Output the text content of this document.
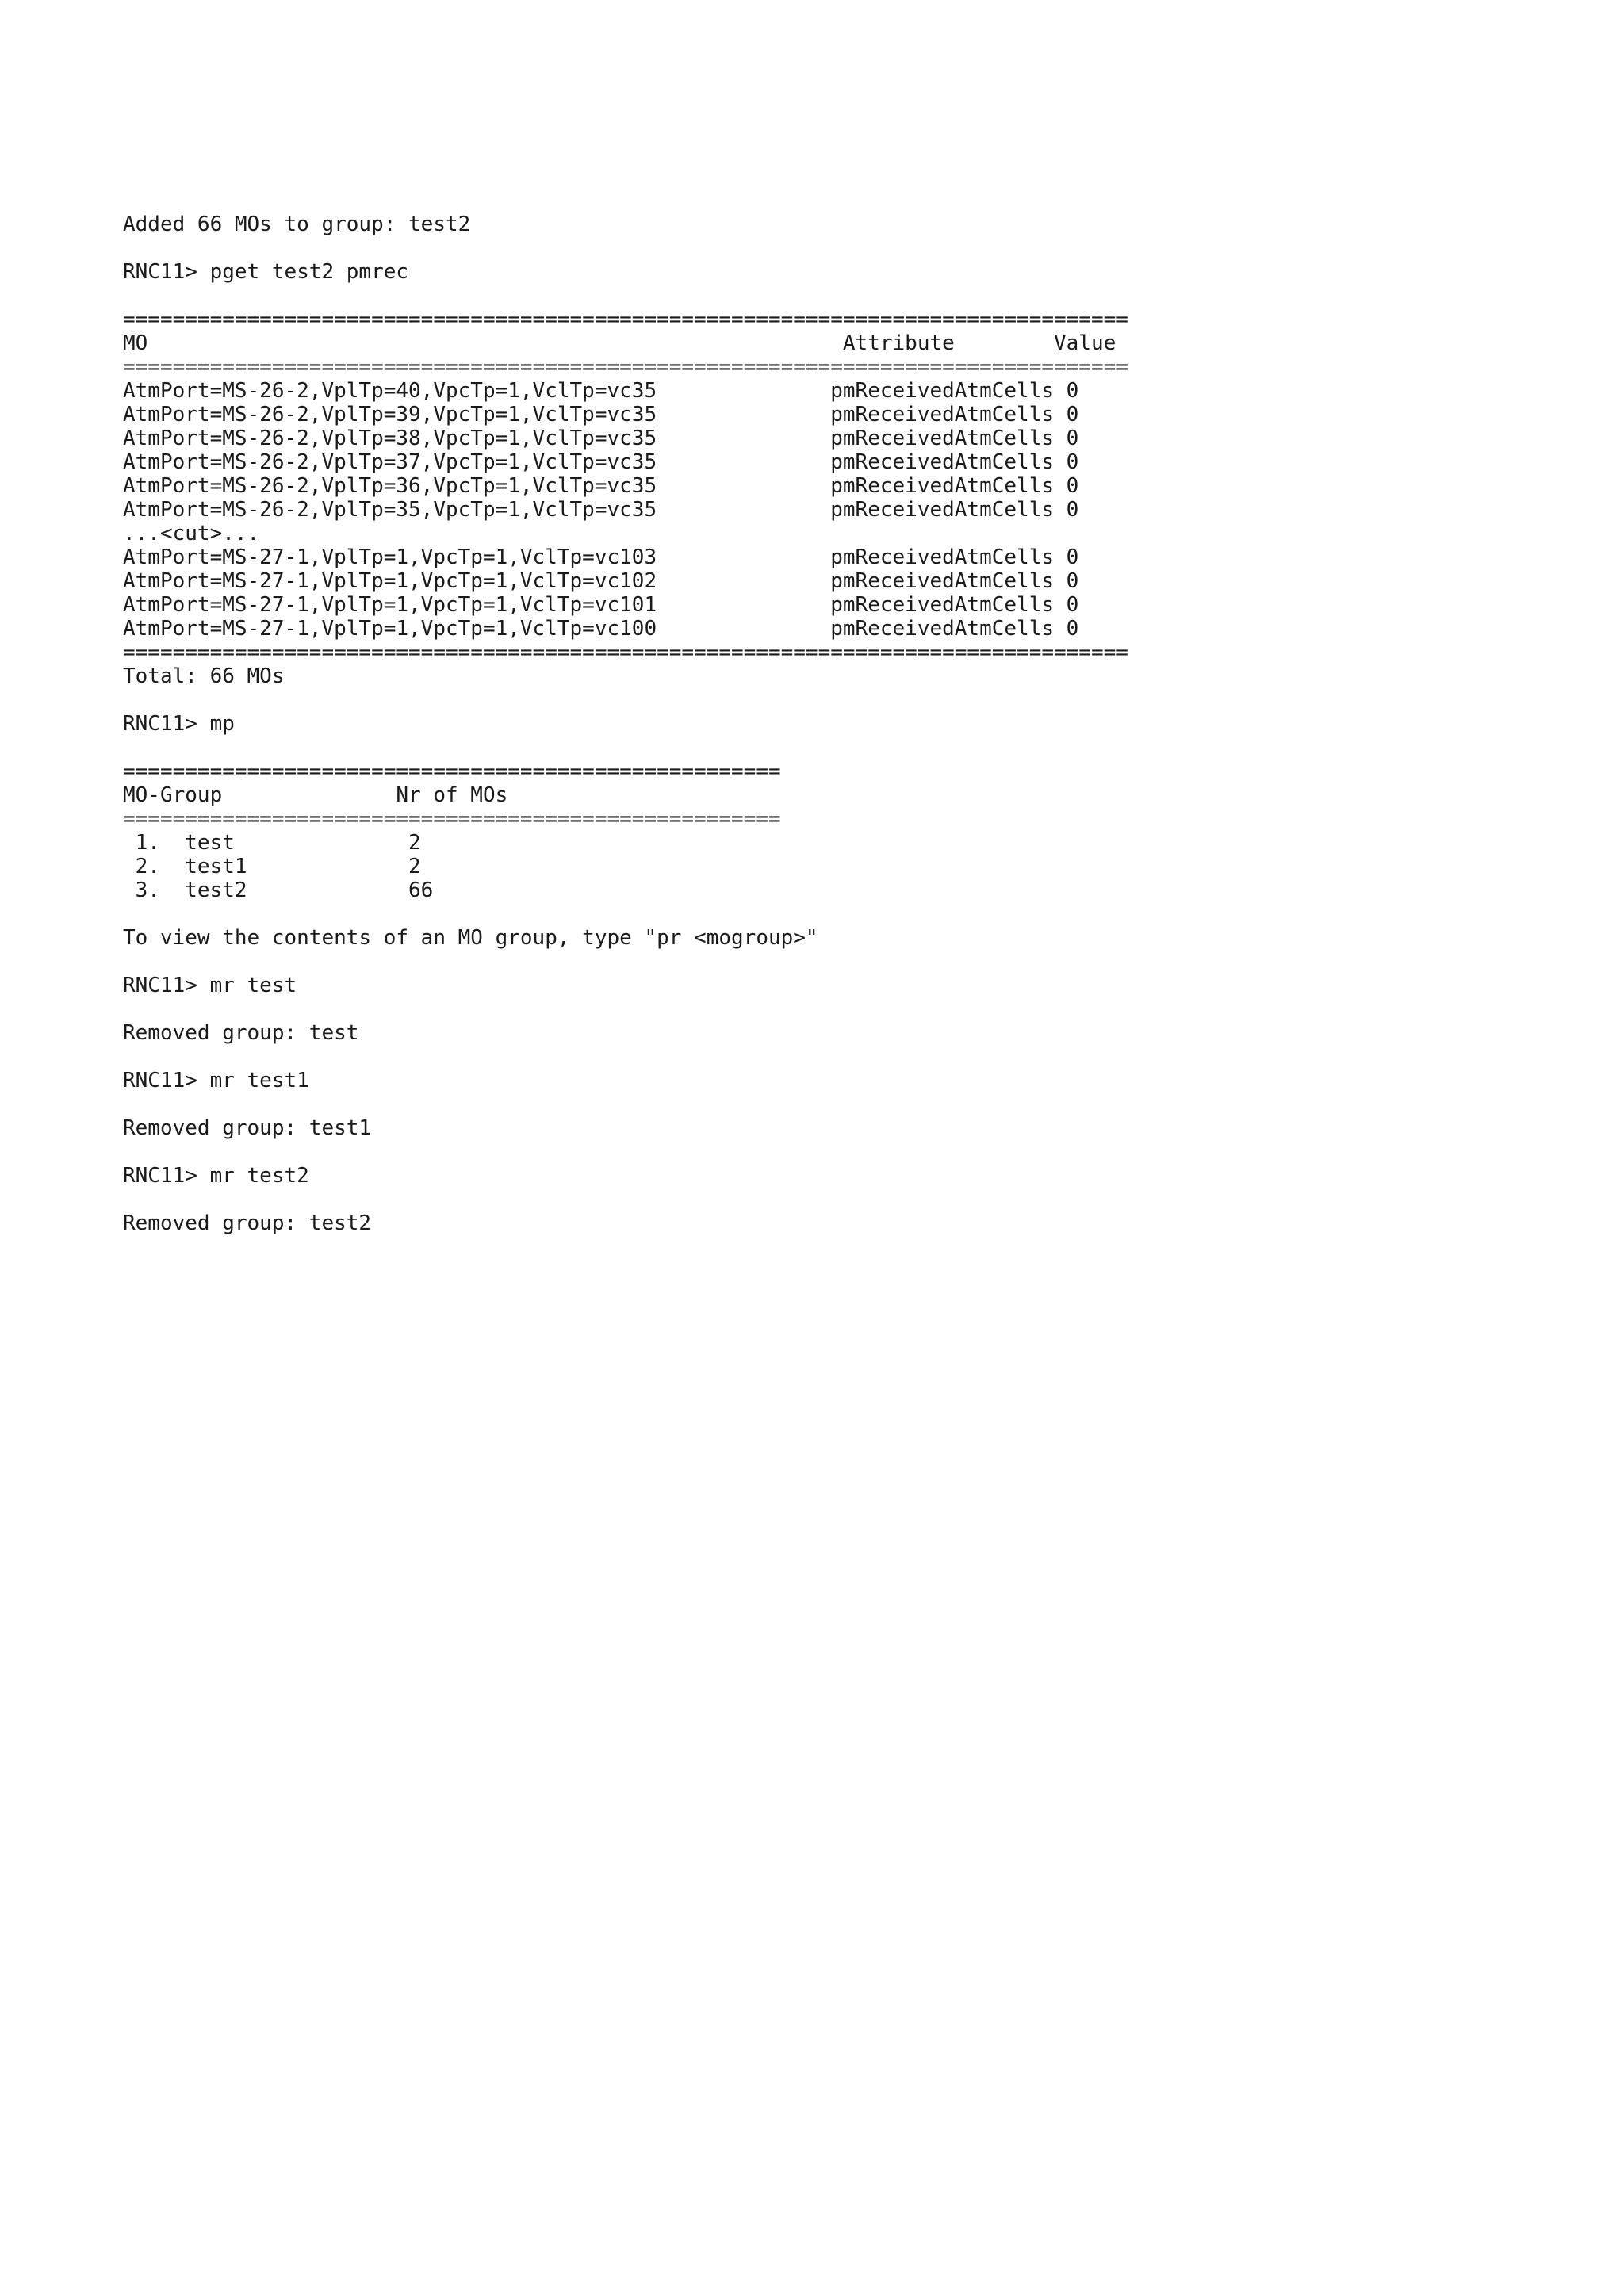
Added 66 MOs to group: test2
RNC11> pget test2 pmrec
=================================================================================
MO                                                        Attribute        Value
=================================================================================
AtmPort=MS-26-2,VplTp=40,VpcTp=1,VclTp=vc35              pmReceivedAtmCells 0
AtmPort=MS-26-2,VplTp=39,VpcTp=1,VclTp=vc35              pmReceivedAtmCells 0
AtmPort=MS-26-2,VplTp=38,VpcTp=1,VclTp=vc35              pmReceivedAtmCells 0
AtmPort=MS-26-2,VplTp=37,VpcTp=1,VclTp=vc35              pmReceivedAtmCells 0
AtmPort=MS-26-2,VplTp=36,VpcTp=1,VclTp=vc35              pmReceivedAtmCells 0
AtmPort=MS-26-2,VplTp=35,VpcTp=1,VclTp=vc35              pmReceivedAtmCells 0
...<cut>...
AtmPort=MS-27-1,VplTp=1,VpcTp=1,VclTp=vc103              pmReceivedAtmCells 0
AtmPort=MS-27-1,VplTp=1,VpcTp=1,VclTp=vc102              pmReceivedAtmCells 0
AtmPort=MS-27-1,VplTp=1,VpcTp=1,VclTp=vc101              pmReceivedAtmCells 0
AtmPort=MS-27-1,VplTp=1,VpcTp=1,VclTp=vc100              pmReceivedAtmCells 0
=================================================================================
Total: 66 MOs
RNC11> mp
=====================================================
MO-Group              Nr of MOs
=====================================================
1.  test              2
2.  test1             2
3.  test2             66
To view the contents of an MO group, type "pr <mogroup>"
RNC11> mr test
Removed group: test
RNC11> mr test1
Removed group: test1
RNC11> mr test2
Removed group: test2
